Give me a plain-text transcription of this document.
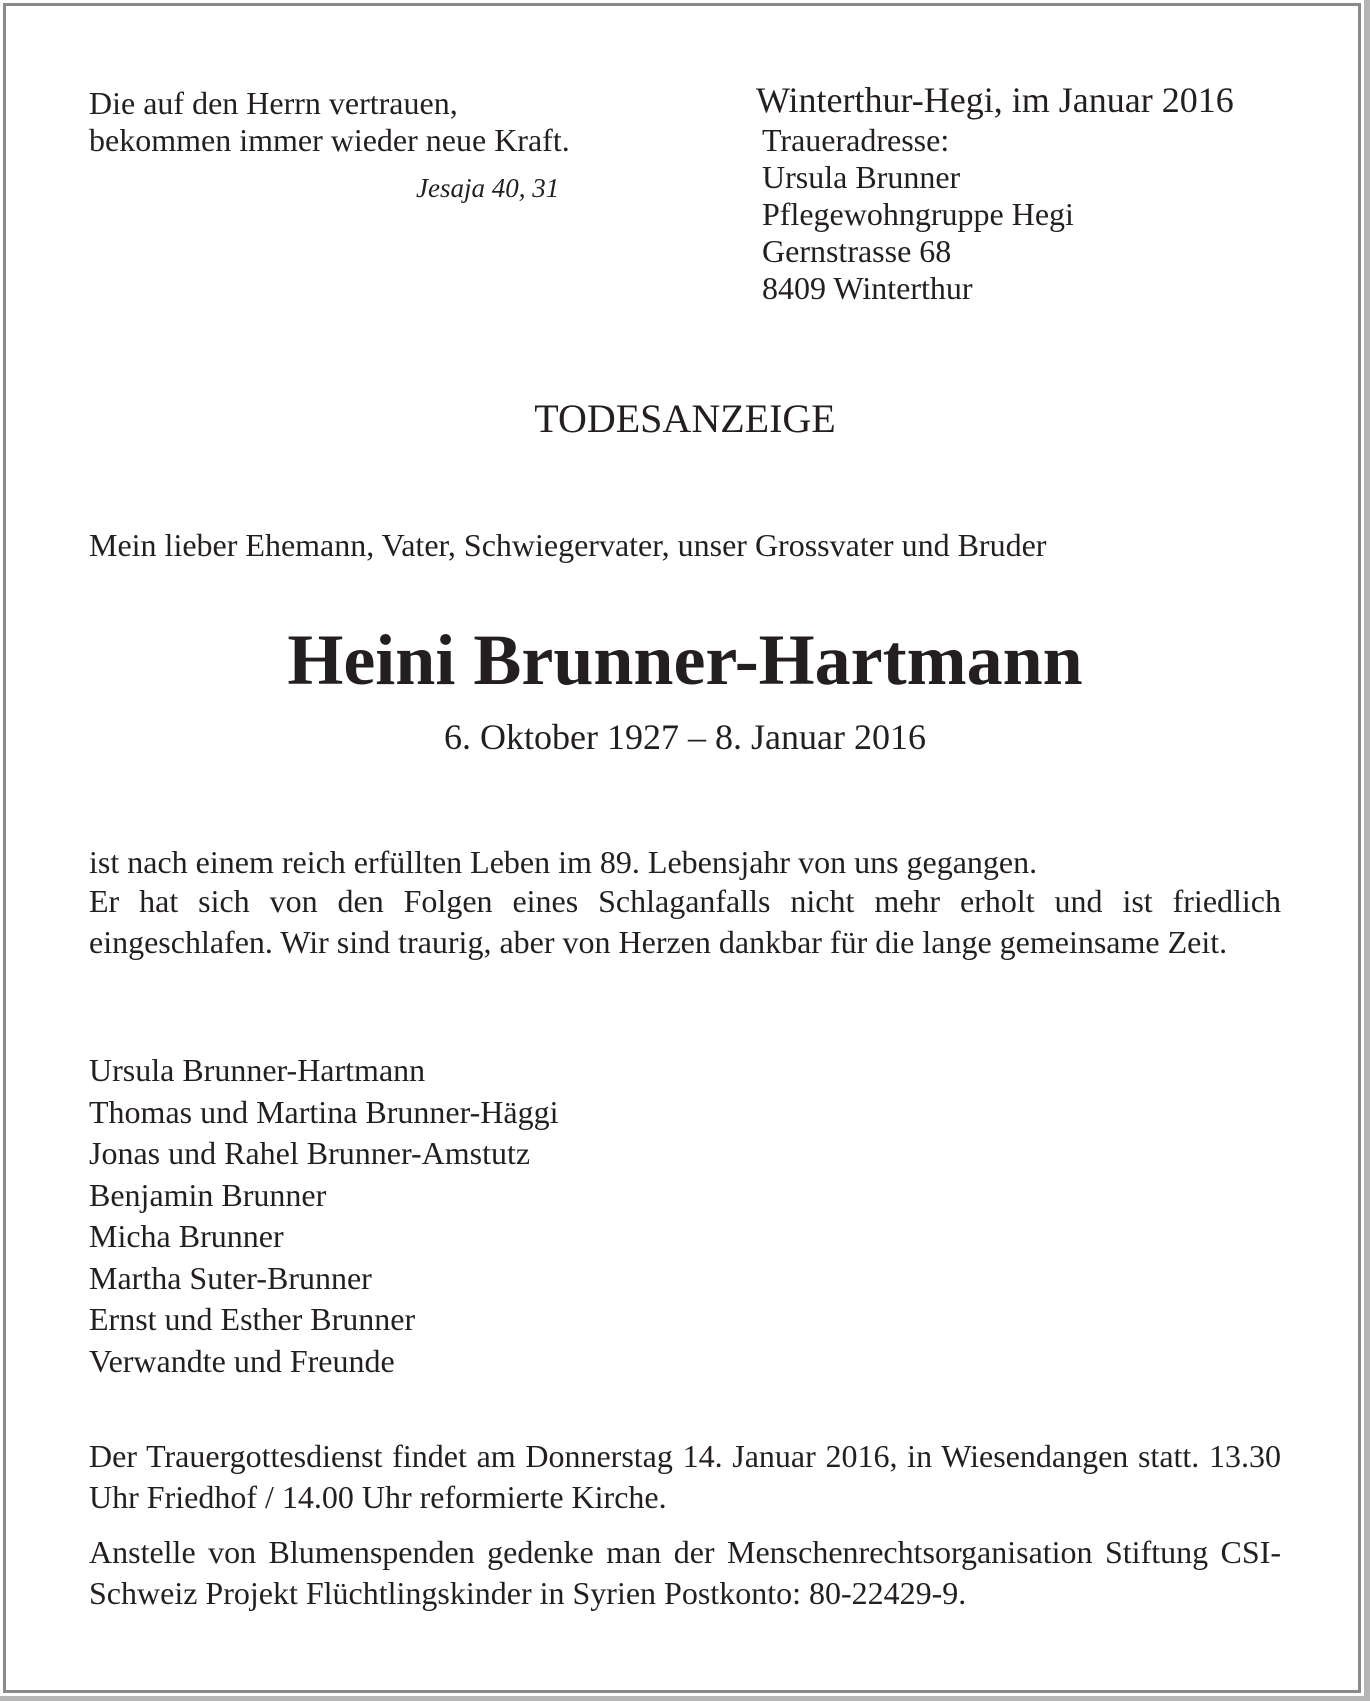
Die auf den Herrn vertrauen,

bekommen immer wieder neue Kraft.

Jesaja 40, 31
Winterthur-Hegi, im Januar 2016

Traueradresse:

Ursula Brunner

Pflegewohngruppe Hegi

Gernstrasse 68

8409 Winterthur

TODESANZEIGE

Mein lieber Ehemann, Vater, Schwiegervater, unser Grossvater und Bruder

Heini Brunner-Hartmann
6. Oktober 1927 – 8. Januar 2016

ist nach einem reich erfüllten Leben im 89. Lebensjahr von uns gegangen.

Er hat sich von den Folgen eines Schlaganfalls nicht mehr erholt und ist friedlich eingeschlafen. Wir sind traurig, aber von Herzen dankbar für die lange gemeinsame Zeit.

Ursula Brunner-Hartmann
Thomas und Martina Brunner-Häggi
Jonas und Rahel Brunner-Amstutz
Benjamin Brunner
Micha Brunner
Martha Suter-Brunner
Ernst und Esther Brunner
Verwandte und Freunde

Der Trauergottesdienst findet am Donnerstag 14. Januar 2016, in Wiesendangen statt. 13.30 Uhr Friedhof / 14.00 Uhr reformierte Kirche.

Anstelle von Blumenspenden gedenke man der Menschenrechtsorganisation Stiftung CSI-Schweiz Projekt Flüchtlingskinder in Syrien Postkonto: 80-22429-9.
